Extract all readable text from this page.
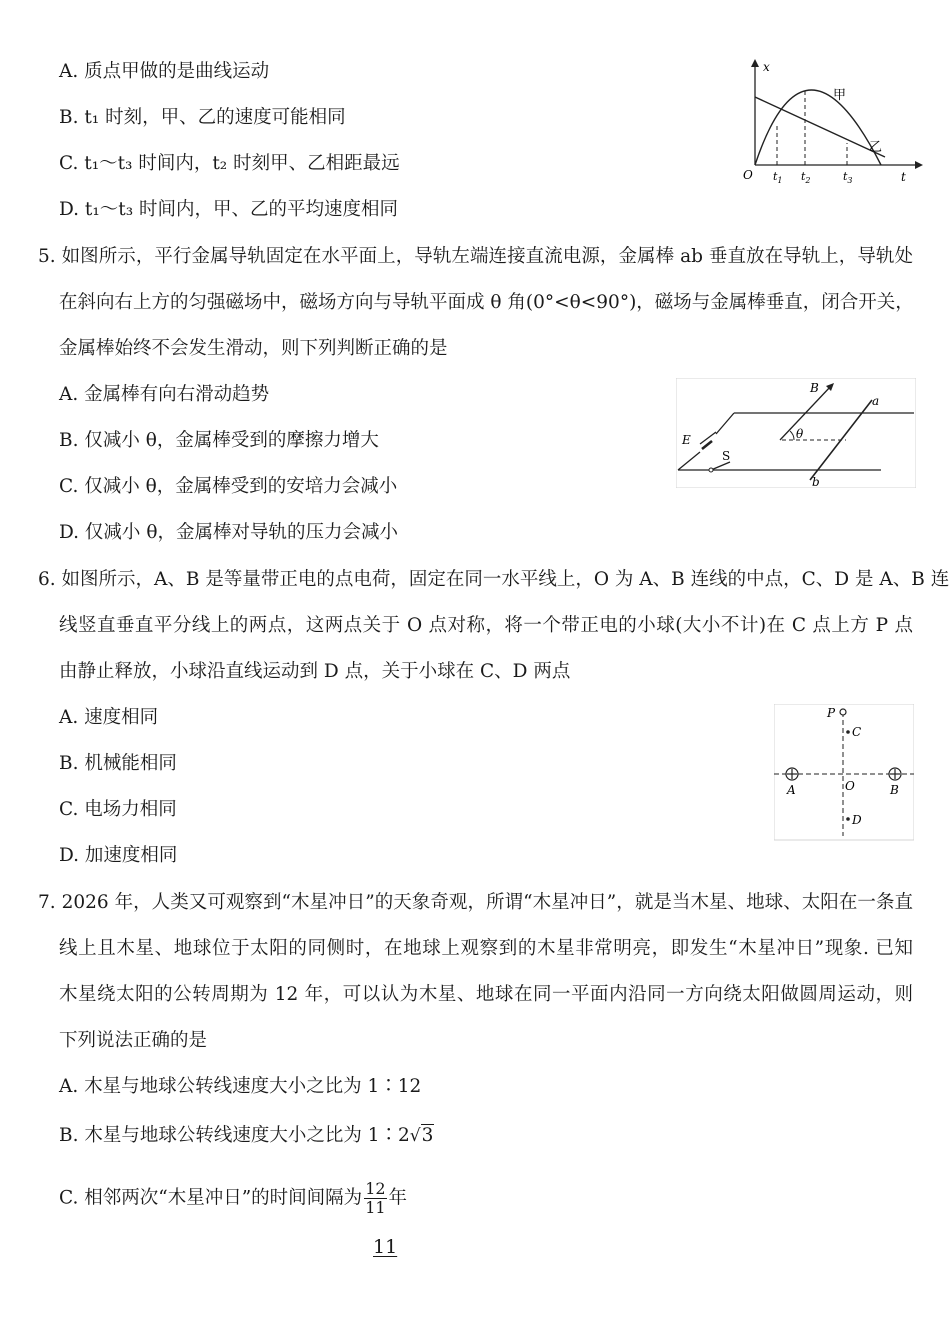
A. 质点甲做的是曲线运动
B. t₁ 时刻，甲、乙的速度可能相同
C. t₁～t₃ 时间内，t₂ 时刻甲、乙相距最远
D. t₁～t₃ 时间内，甲、乙的平均速度相同
x
t
O $t_1$ $t_2$	$t_3$
甲
乙
5. 如图所示，平行金属导轨固定在水平面上，导轨左端连接直流电源，金属棒 ab 垂直放在导轨上，导轨处
在斜向右上方的匀强磁场中，磁场方向与导轨平面成 θ 角(0°<θ<90°)，磁场与金属棒垂直，闭合开关，
金属棒始终不会发生滑动，则下列判断正确的是
A. 金属棒有向右滑动趋势
B. 仅减小 θ，金属棒受到的摩擦力增大
C. 仅减小 θ，金属棒受到的安培力会减小
D. 仅减小 θ，金属棒对导轨的压力会减小
B
a
b
E
S
θ
6. 如图所示，A、B 是等量带正电的点电荷，固定在同一水平线上，O 为 A、B 连线的中点，C、D 是 A、B 连
线竖直垂直平分线上的两点，这两点关于 O 点对称，将一个带正电的小球(大小不计)在 C 点上方 P 点
由静止释放，小球沿直线运动到 D 点，关于小球在 C、D 两点
A. 速度相同
B. 机械能相同
C. 电场力相同
D. 加速度相同
P
C
O
D
A	B
7. 2026 年，人类又可观察到“木星冲日”的天象奇观，所谓“木星冲日”，就是当木星、地球、太阳在一条直
线上且木星、地球位于太阳的同侧时，在地球上观察到的木星非常明亮，即发生“木星冲日”现象. 已知
木星绕太阳的公转周期为 12 年，可以认为木星、地球在同一平面内沿同一方向绕太阳做圆周运动，则
下列说法正确的是
A. 木星与地球公转线速度大小之比为 1∶12
B. 木星与地球公转线速度大小之比为 1∶2√3
C. 相邻两次“木星冲日”的时间间隔为 $\frac{12}{11}$ 年
11
